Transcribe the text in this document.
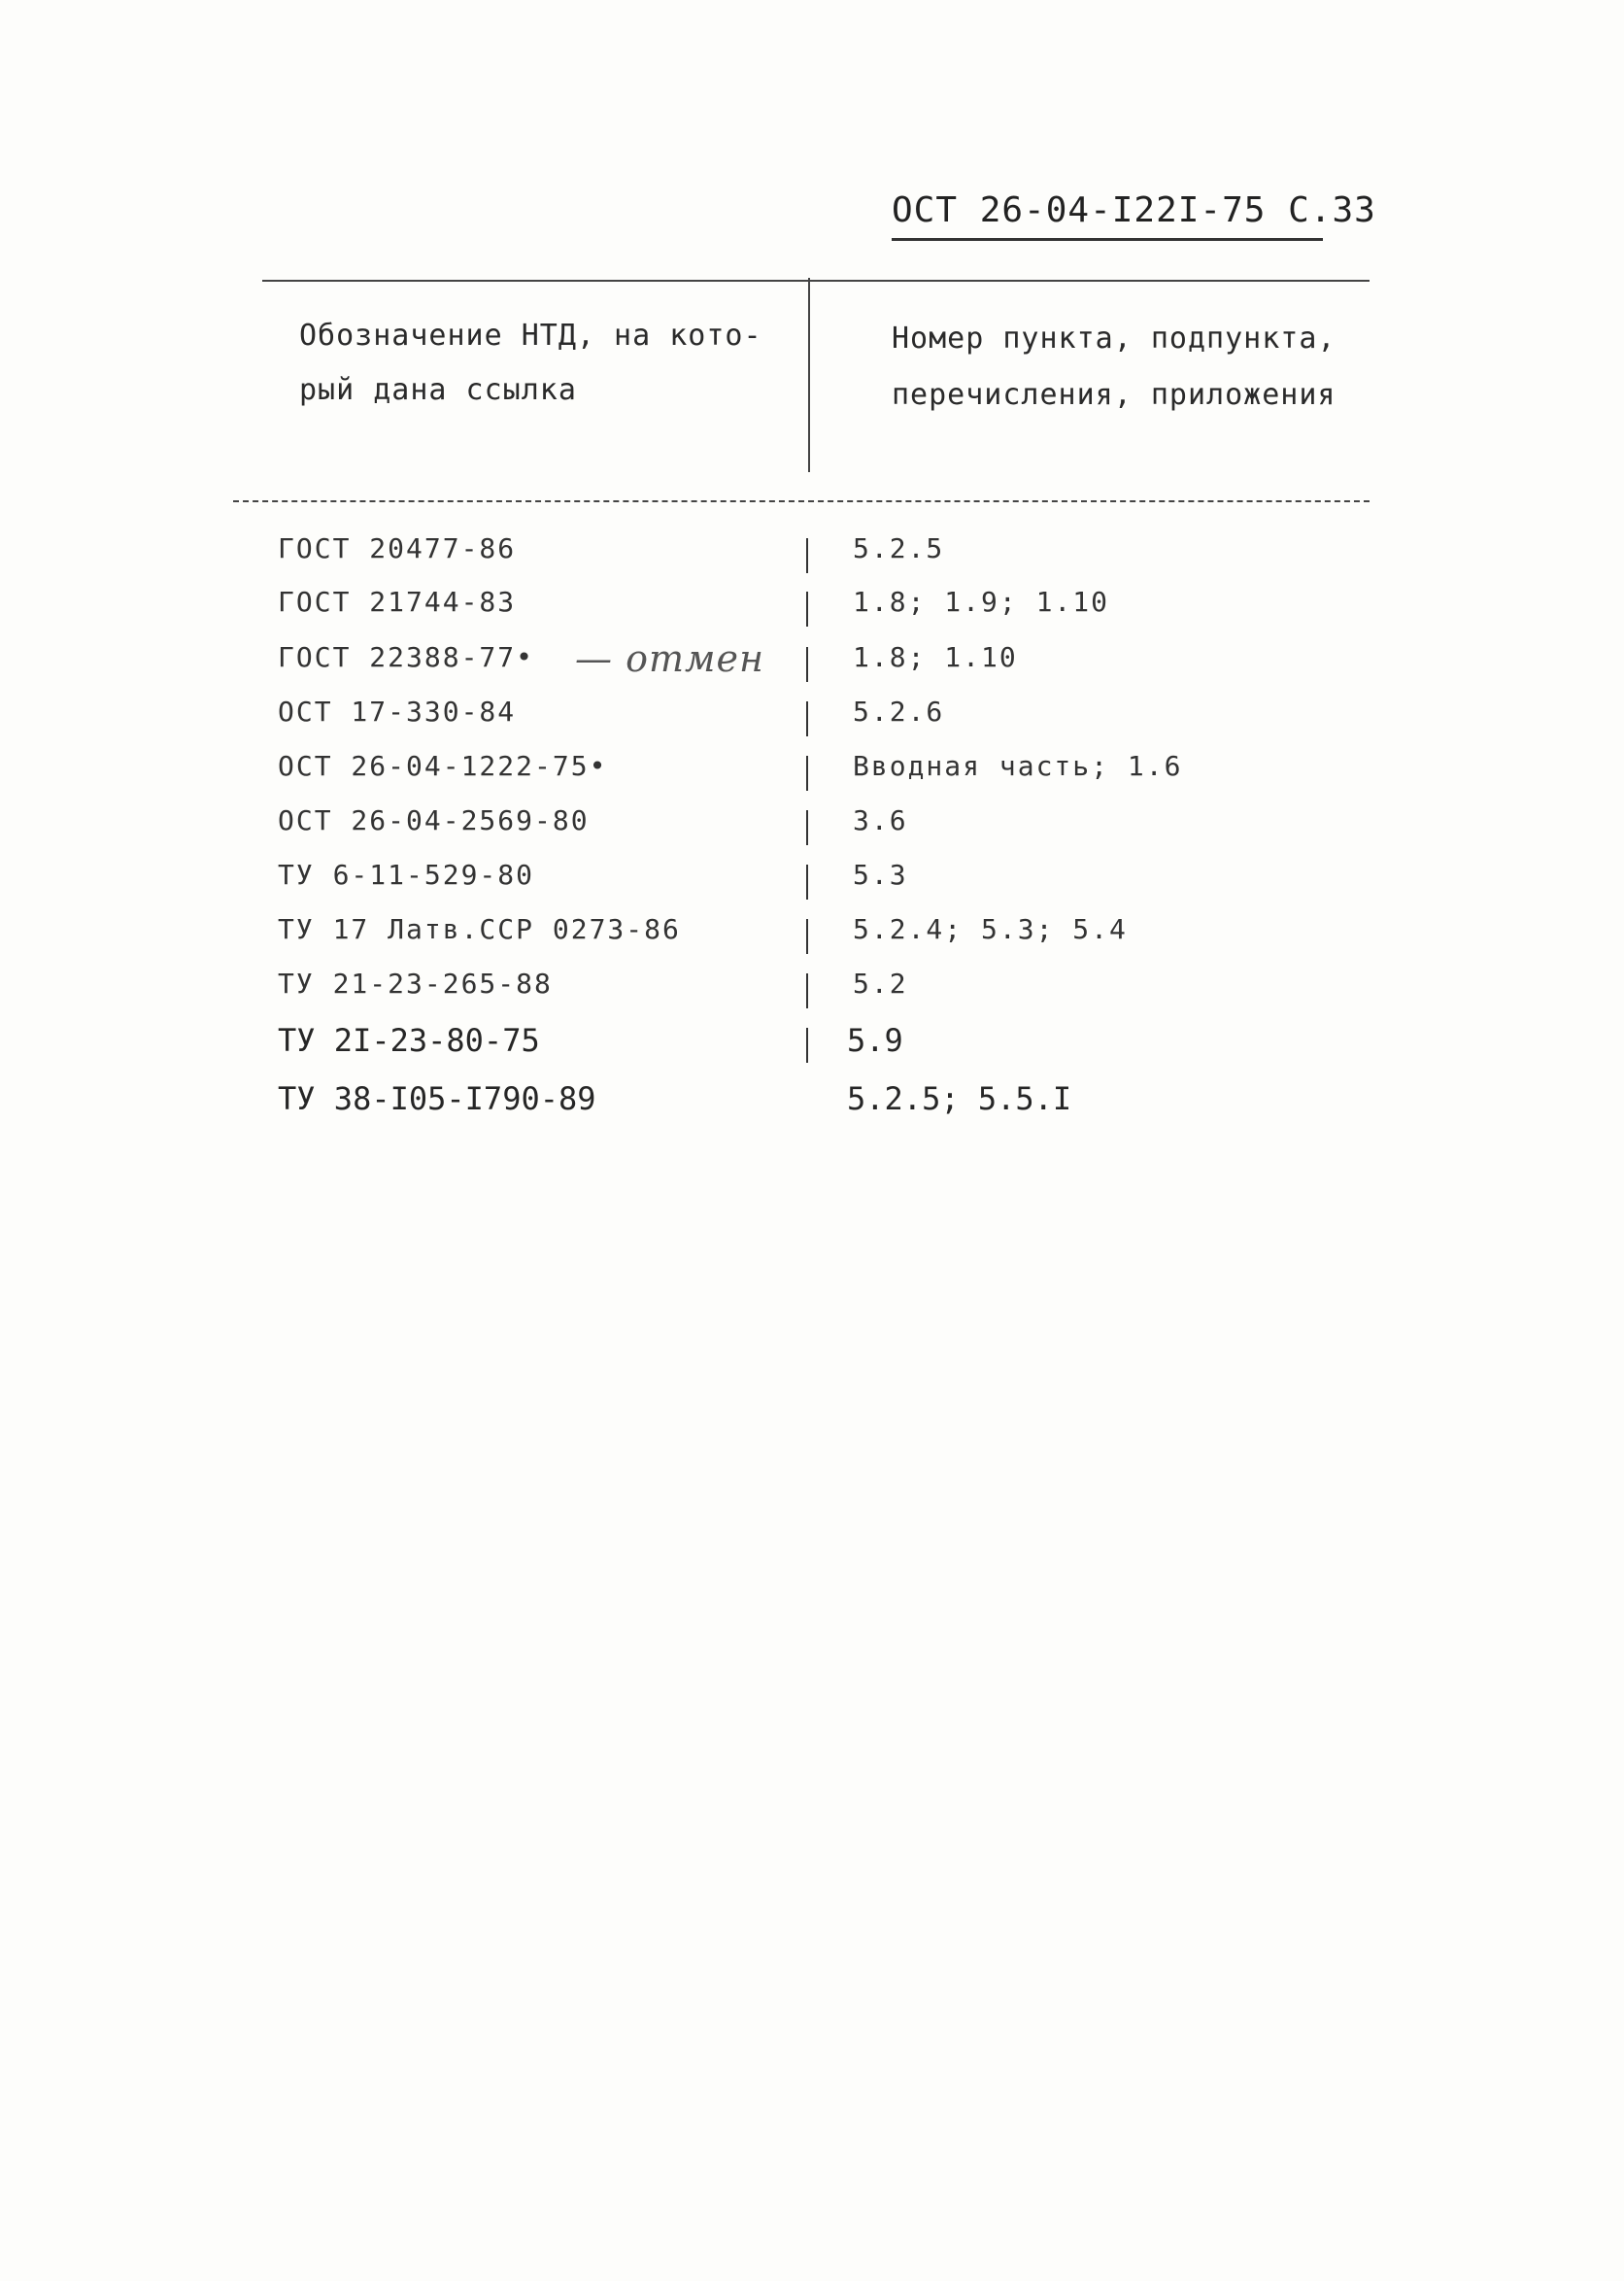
ОСТ 26-04-I22I-75 С.33
Обозначение НТД, на кото-
рый дана ссылка
Номер пункта, подпункта,
перечисления, приложения
ГОСТ 20477-86	5.2.5
ГОСТ 21744-83	1.8; 1.9; 1.10
ГОСТ 22388-77•	1.8; 1.10
— отмен
ОСТ 17-330-84	5.2.6
ОСТ 26-04-1222-75•	Вводная часть; 1.6
ОСТ 26-04-2569-80	3.6
ТУ 6-11-529-80	5.3
ТУ 17 Латв.ССР 0273-86	5.2.4; 5.3; 5.4
ТУ 21-23-265-88	5.2
ТУ 2I-23-80-75	5.9
ТУ 38-I05-I790-89	5.2.5; 5.5.I
